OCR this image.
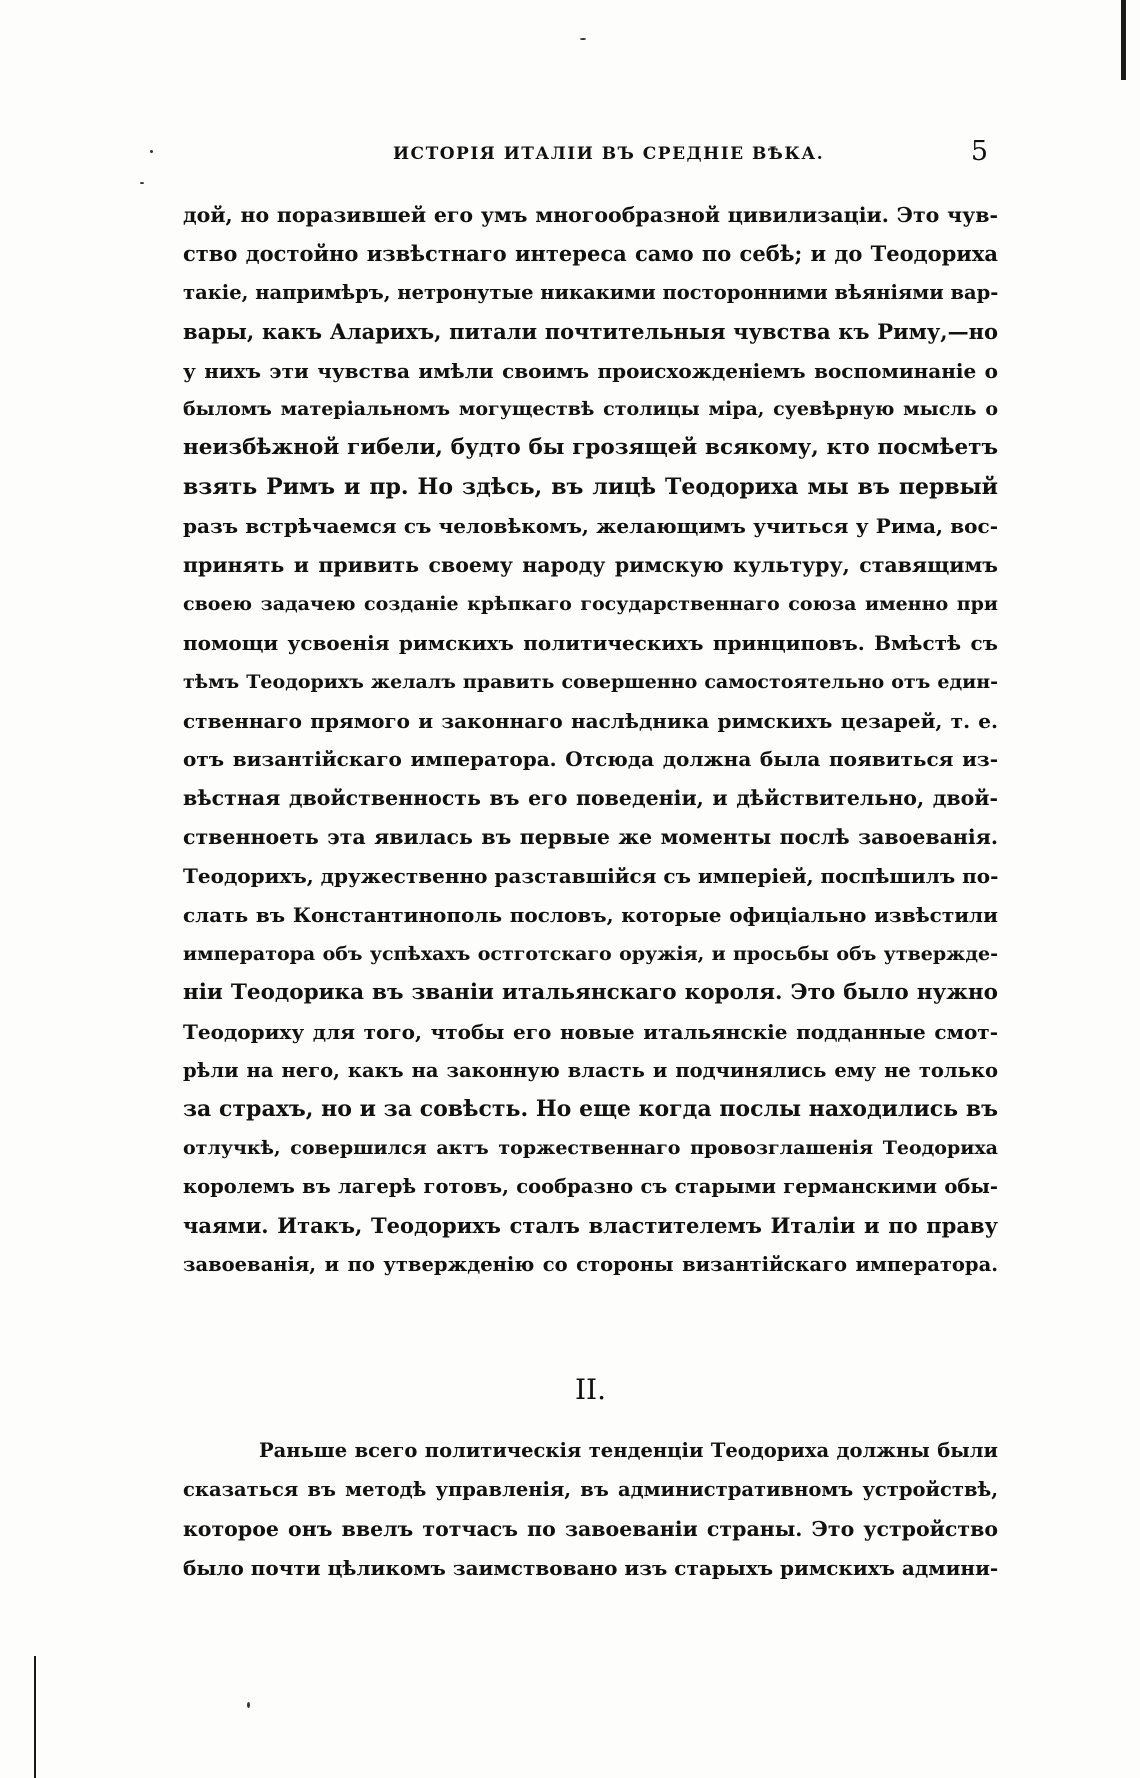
ИСТОРІЯ ИТАЛІИ ВЪ СРЕДНІЕ ВѢКА.	5
дой, но поразившей его умъ многообразной цивилизаціи. Это чув-
ство достойно извѣстнаго интереса само по себѣ; и до Теодориха
такіе, напримѣръ, нетронутые никакими посторонними вѣяніями вар-
вары, какъ Аларихъ, питали почтительныя чувства къ Риму,—но
у нихъ эти чувства имѣли своимъ происхожденіемъ воспоминаніе о
быломъ матеріальномъ могуществѣ столицы міра, суевѣрную мысль о
неизбѣжной гибели, будто бы грозящей всякому, кто посмѣетъ
взять Римъ и пр. Но здѣсь, въ лицѣ Теодориха мы въ первый
разъ встрѣчаемся съ человѣкомъ, желающимъ учиться у Рима, вос-
принять и привить своему народу римскую культуру, ставящимъ
своею задачею созданіе крѣпкаго государственнаго союза именно при
помощи усвоенія римскихъ политическихъ принциповъ. Вмѣстѣ съ
тѣмъ Теодорихъ желалъ править совершенно самостоятельно отъ един-
ственнаго прямого и законнаго наслѣдника римскихъ цезарей, т. е.
отъ византійскаго императора. Отсюда должна была появиться из-
вѣстная двойственность въ его поведеніи, и дѣйствительно, двой-
ственноеть эта явилась въ первые же моменты послѣ завоеванія.
Теодорихъ, дружественно разставшійся съ имперіей, поспѣшилъ по-
слать въ Константинополь пословъ, которые офиціально извѣстили
императора объ успѣхахъ остготскаго оружія, и просьбы объ утвержде-
ніи Теодорика въ званіи итальянскаго короля. Это было нужно
Теодориху для того, чтобы его новые итальянскіе подданные смот-
рѣли на него, какъ на законную власть и подчинялись ему не только
за страхъ, но и за совѣсть. Но еще когда послы находились въ
отлучкѣ, совершился актъ торжественнаго провозглашенія Теодориха
королемъ въ лагерѣ готовъ, сообразно съ старыми германскими обы-
чаями. Итакъ, Теодорихъ сталъ властителемъ Италіи и по праву
завоеванія, и по утвержденію со стороны византійскаго императора.
II.
Раньше всего политическія тенденціи Теодориха должны были
сказаться въ методѣ управленія, въ административномъ устройствѣ,
которое онъ ввелъ тотчасъ по завоеваніи страны. Это устройство
было почти цѣликомъ заимствовано изъ старыхъ римскихъ админи-
